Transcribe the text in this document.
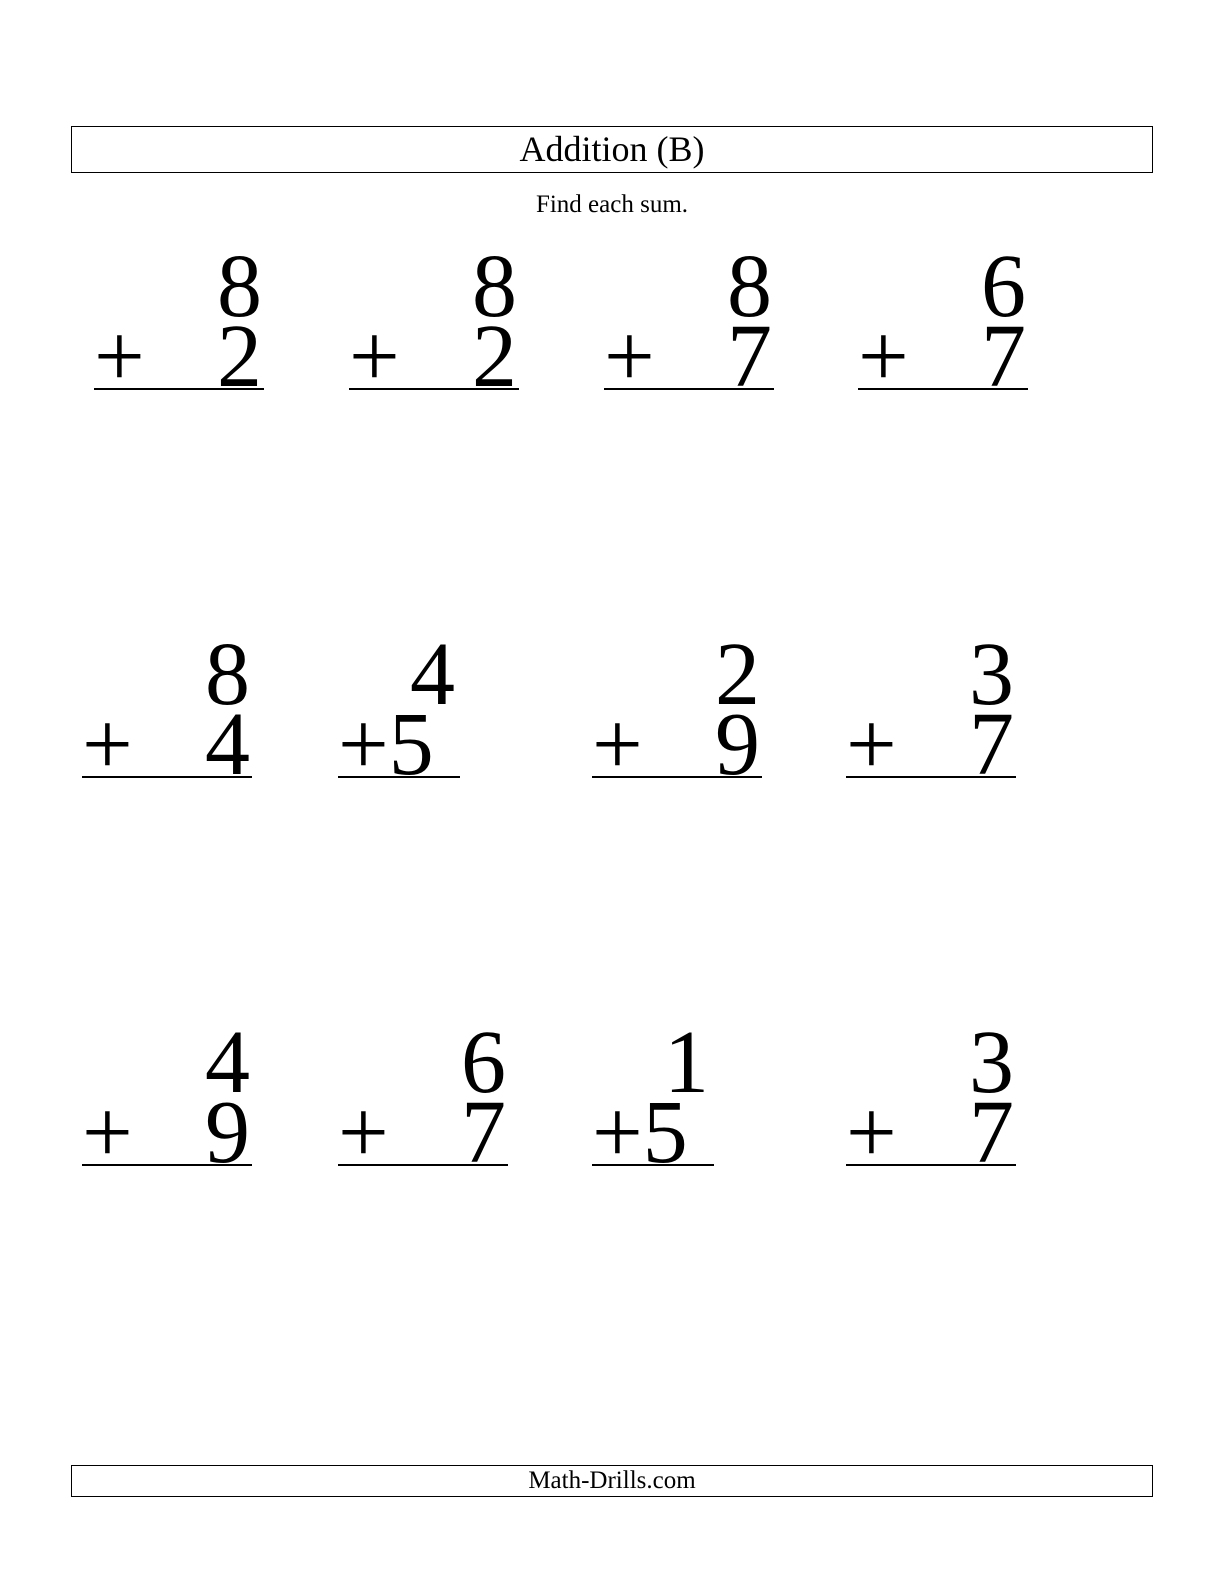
Addition (B)
Find each sum.
8
+ 2
8
+ 2
8
+ 7
6
+ 7
8
+ 4
4
+5
2
+ 9
3
+ 7
4
+ 9
6
+ 7
1
+5
3
+ 7
Math-Drills.com
